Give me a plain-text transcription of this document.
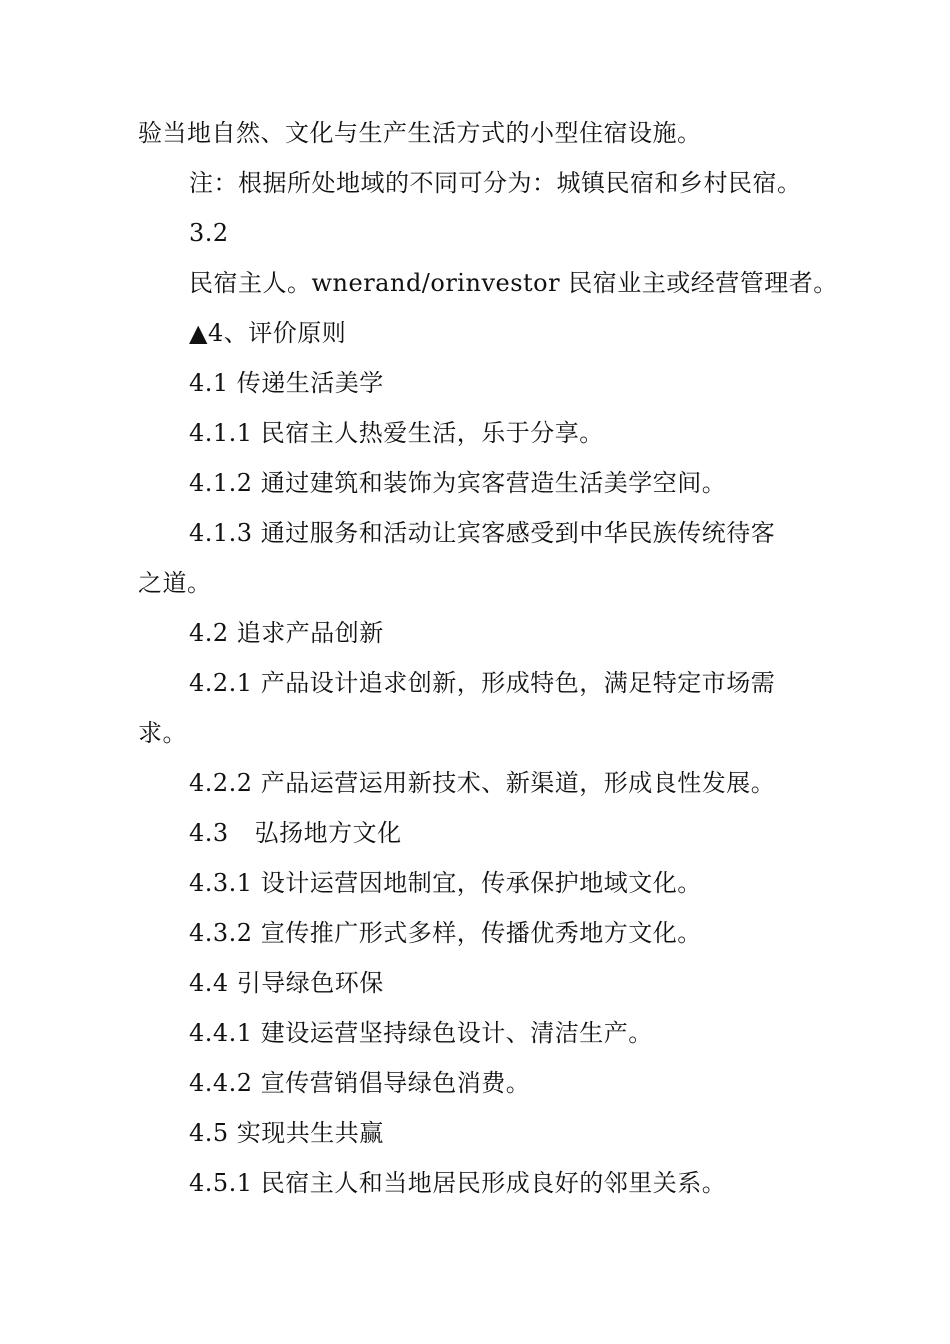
验当地自然、文化与生产生活方式的小型住宿设施。
注：根据所处地域的不同可分为：城镇民宿和乡村民宿。
3.2
民宿主人。wnerand/orinvestor 民宿业主或经营管理者。
▲4、评价原则
4.1 传递生活美学
4.1.1 民宿主人热爱生活，乐于分享。
4.1.2 通过建筑和装饰为宾客营造生活美学空间。
4.1.3 通过服务和活动让宾客感受到中华民族传统待客
之道。
4.2 追求产品创新
4.2.1 产品设计追求创新，形成特色，满足特定市场需
求。
4.2.2 产品运营运用新技术、新渠道，形成良性发展。
4.3 弘扬地方文化
4.3.1 设计运营因地制宜，传承保护地域文化。
4.3.2 宣传推广形式多样，传播优秀地方文化。
4.4 引导绿色环保
4.4.1 建设运营坚持绿色设计、清洁生产。
4.4.2 宣传营销倡导绿色消费。
4.5 实现共生共赢
4.5.1 民宿主人和当地居民形成良好的邻里关系。
